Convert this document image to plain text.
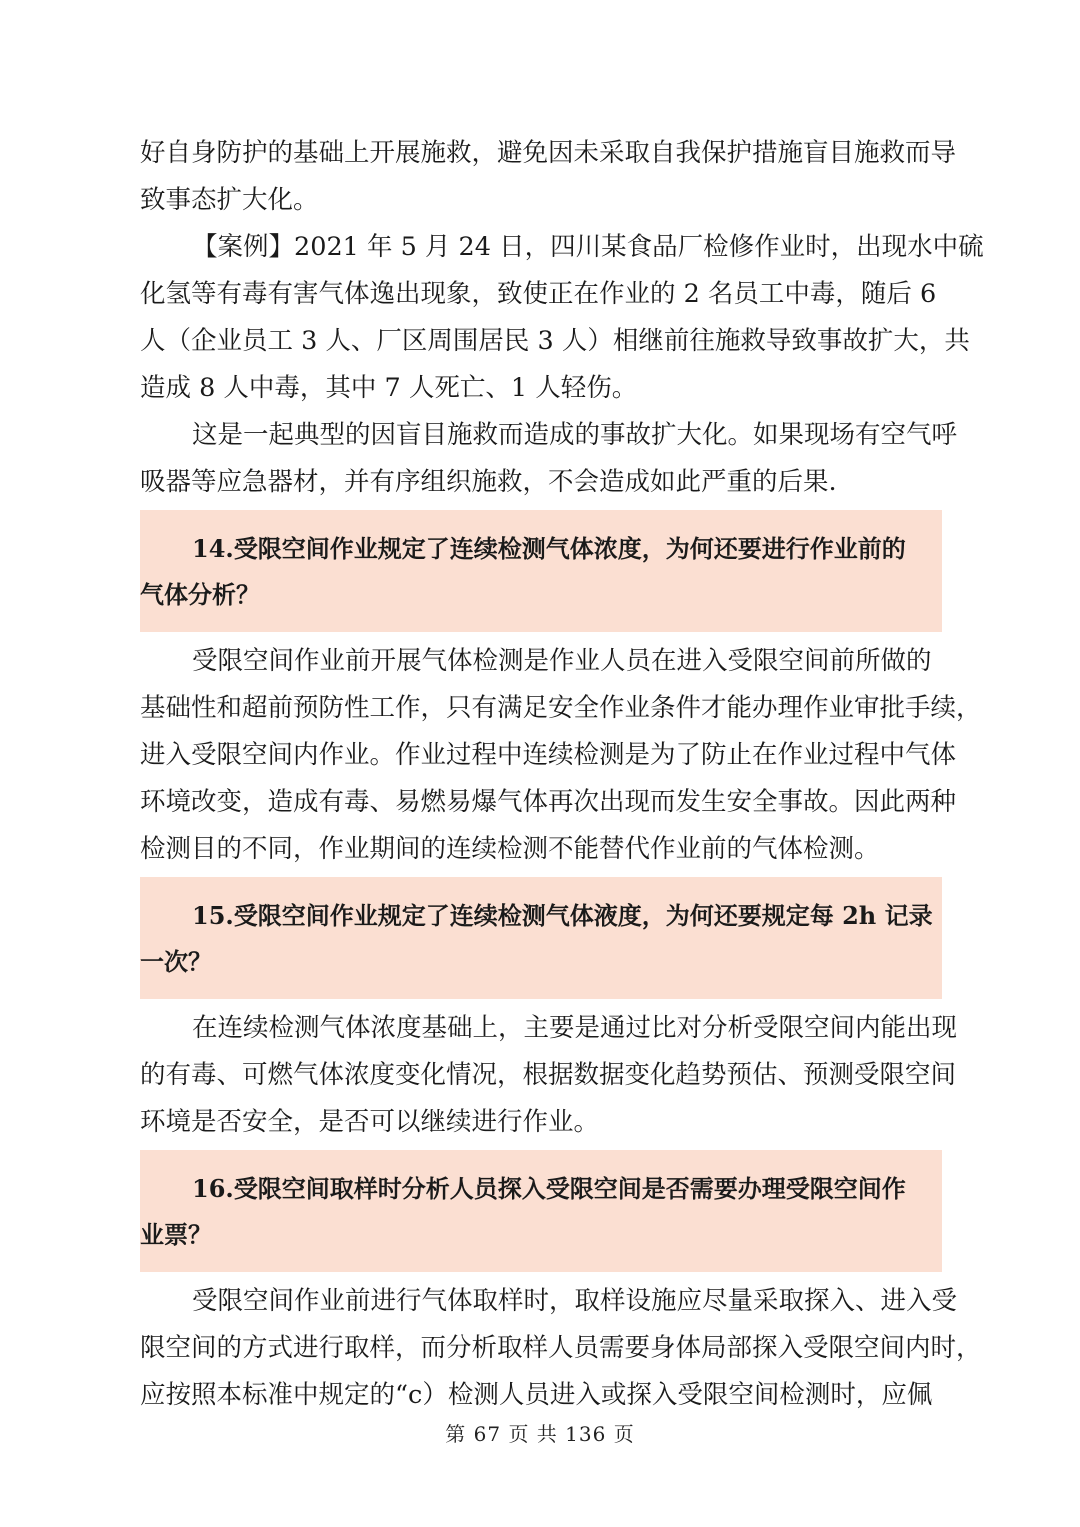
好自身防护的基础上开展施救，避免因未采取自我保护措施盲目施救而导
致事态扩大化。

【案例】2021 年 5 月 24 日，四川某食品厂检修作业时，出现水中硫
化氢等有毒有害气体逸出现象，致使正在作业的 2 名员工中毒，随后 6
人（企业员工 3 人、厂区周围居民 3 人）相继前往施救导致事故扩大，共
造成 8 人中毒，其中 7 人死亡、1 人轻伤。

这是一起典型的因盲目施救而造成的事故扩大化。如果现场有空气呼
吸器等应急器材，并有序组织施救，不会造成如此严重的后果.

14.受限空间作业规定了连续检测气体浓度，为何还要进行作业前的
气体分析？

受限空间作业前开展气体检测是作业人员在进入受限空间前所做的
基础性和超前预防性工作，只有满足安全作业条件才能办理作业审批手续，
进入受限空间内作业。作业过程中连续检测是为了防止在作业过程中气体
环境改变，造成有毒、易燃易爆气体再次出现而发生安全事故。因此两种
检测目的不同，作业期间的连续检测不能替代作业前的气体检测。

15.受限空间作业规定了连续检测气体液度，为何还要规定每 2h 记录
一次？

在连续检测气体浓度基础上，主要是通过比对分析受限空间内能出现
的有毒、可燃气体浓度变化情况，根据数据变化趋势预估、预测受限空间
环境是否安全，是否可以继续进行作业。

16.受限空间取样时分析人员探入受限空间是否需要办理受限空间作
业票？

受限空间作业前进行气体取样时，取样设施应尽量采取探入、进入受
限空间的方式进行取样，而分析取样人员需要身体局部探入受限空间内时，
应按照本标准中规定的“c）检测人员进入或探入受限空间检测时，应佩

第 67 页 共 136 页
